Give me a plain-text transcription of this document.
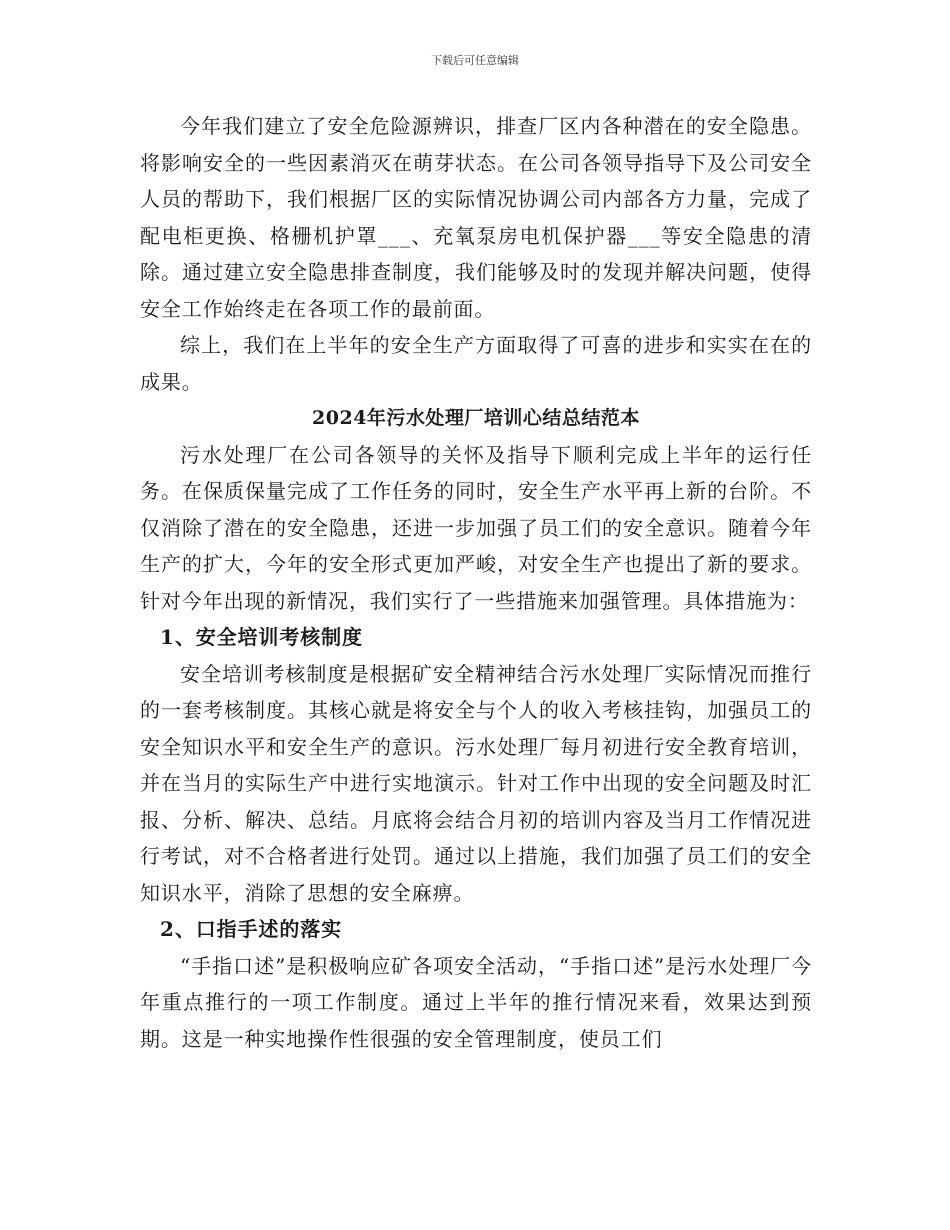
下载后可任意编辑

今年我们建立了安全危险源辨识，排查厂区内各种潜在的安全隐患。将影响安全的一些因素消灭在萌芽状态。在公司各领导指导下及公司安全人员的帮助下，我们根据厂区的实际情况协调公司内部各方力量，完成了配电柜更换、格栅机护罩___、充氧泵房电机保护器___等安全隐患的清除。通过建立安全隐患排查制度，我们能够及时的发现并解决问题，使得安全工作始终走在各项工作的最前面。

综上，我们在上半年的安全生产方面取得了可喜的进步和实实在在的成果。

2024年污水处理厂培训心结总结范本

污水处理厂在公司各领导的关怀及指导下顺利完成上半年的运行任务。在保质保量完成了工作任务的同时，安全生产水平再上新的台阶。不仅消除了潜在的安全隐患，还进一步加强了员工们的安全意识。随着今年生产的扩大，今年的安全形式更加严峻，对安全生产也提出了新的要求。针对今年出现的新情况，我们实行了一些措施来加强管理。具体措施为：

1、安全培训考核制度

安全培训考核制度是根据矿安全精神结合污水处理厂实际情况而推行的一套考核制度。其核心就是将安全与个人的收入考核挂钩，加强员工的安全知识水平和安全生产的意识。污水处理厂每月初进行安全教育培训，并在当月的实际生产中进行实地演示。针对工作中出现的安全问题及时汇报、分析、解决、总结。月底将会结合月初的培训内容及当月工作情况进行考试，对不合格者进行处罚。通过以上措施，我们加强了员工们的安全知识水平，消除了思想的安全麻痹。

2、口指手述的落实

“手指口述”是积极响应矿各项安全活动，“手指口述”是污水处理厂今年重点推行的一项工作制度。通过上半年的推行情况来看，效果达到预期。这是一种实地操作性很强的安全管理制度，使员工们
